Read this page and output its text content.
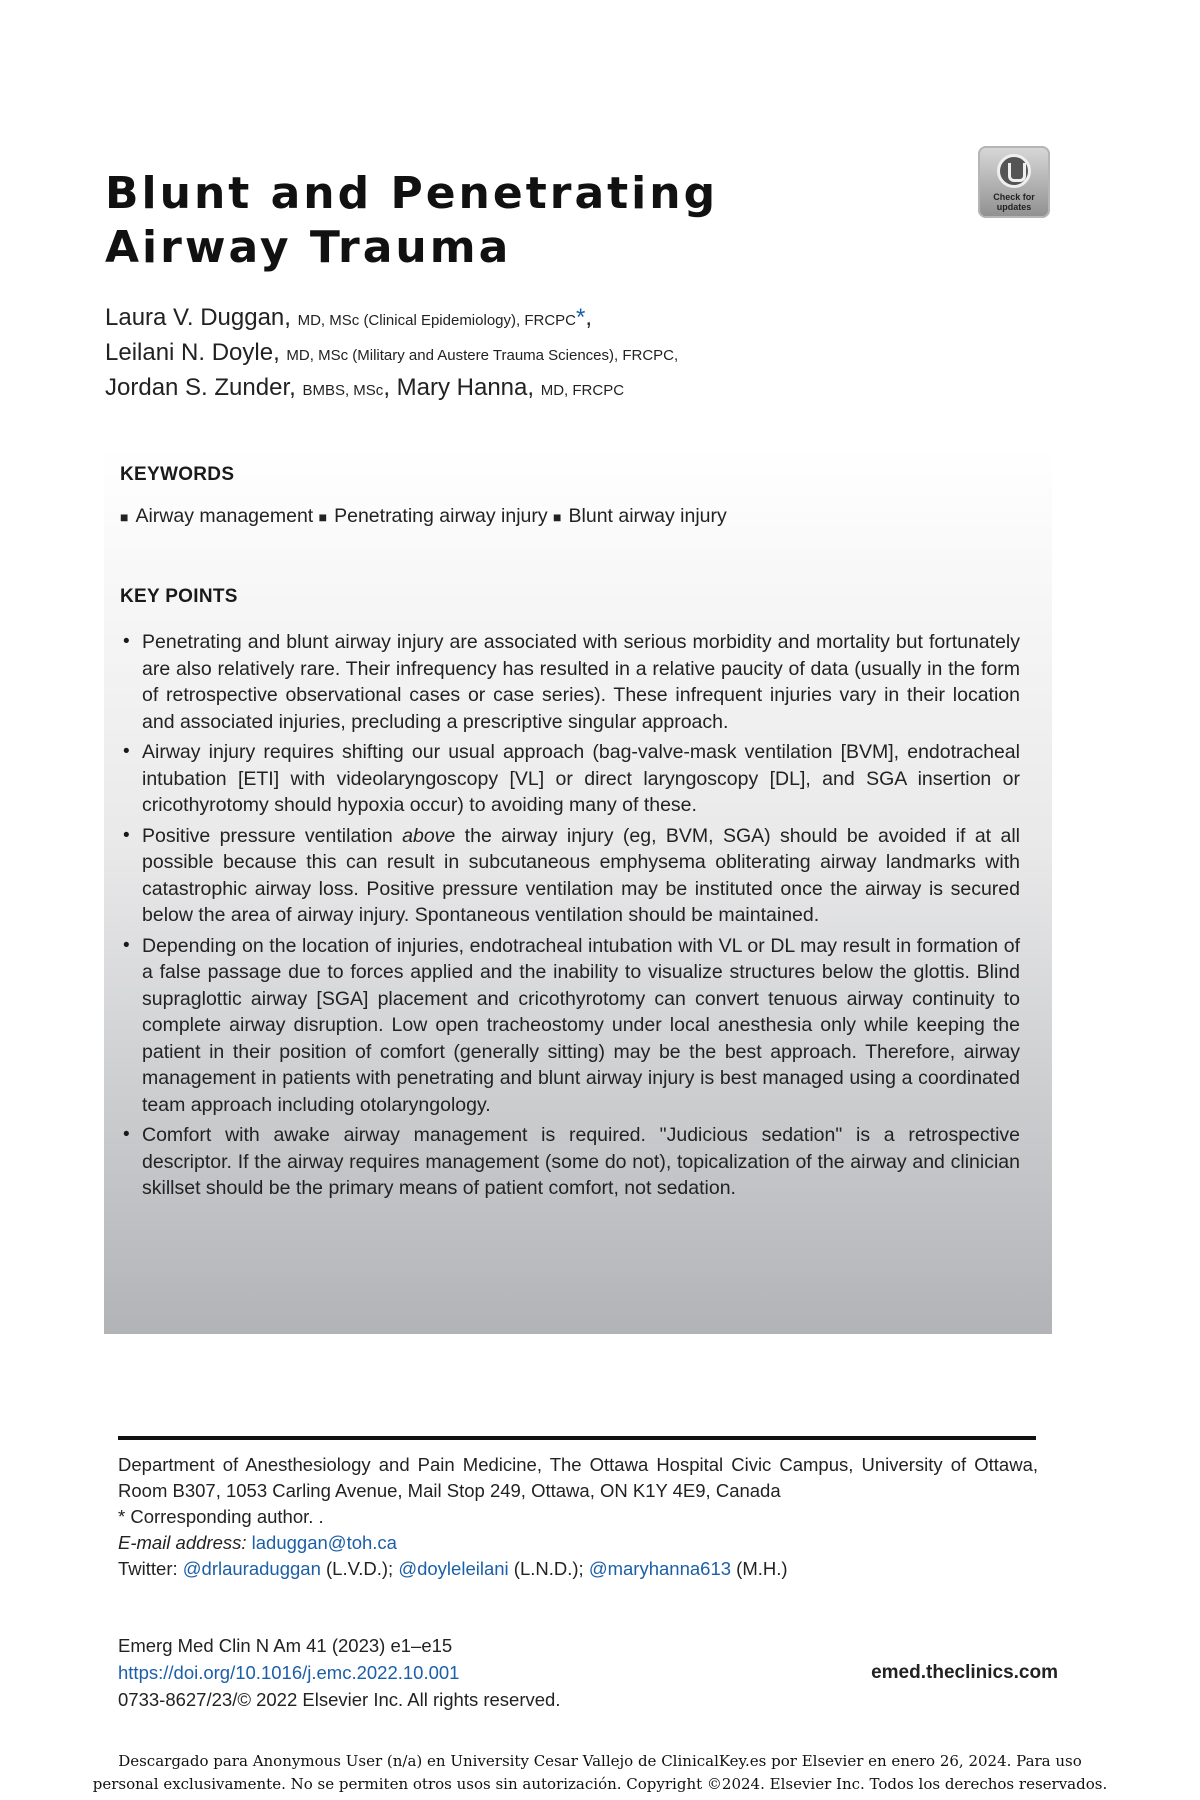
Blunt and Penetrating
Airway Trauma
Check for updates
Laura V. Duggan, MD, MSc (Clinical Epidemiology), FRCPC*,
Leilani N. Doyle, MD, MSc (Military and Austere Trauma Sciences), FRCPC,
Jordan S. Zunder, BMBS, MSc, Mary Hanna, MD, FRCPC
KEYWORDS
■ Airway management ■ Penetrating airway injury ■ Blunt airway injury
KEY POINTS
• Penetrating and blunt airway injury are associated with serious morbidity and mortality but fortunately are also relatively rare. Their infrequency has resulted in a relative paucity of data (usually in the form of retrospective observational cases or case series). These infrequent injuries vary in their location and associated injuries, precluding a prescriptive singular approach.
• Airway injury requires shifting our usual approach (bag-valve-mask ventilation [BVM], endotracheal intubation [ETI] with videolaryngoscopy [VL] or direct laryngoscopy [DL], and SGA insertion or cricothyrotomy should hypoxia occur) to avoiding many of these.
• Positive pressure ventilation above the airway injury (eg, BVM, SGA) should be avoided if at all possible because this can result in subcutaneous emphysema obliterating airway landmarks with catastrophic airway loss. Positive pressure ventilation may be instituted once the airway is secured below the area of airway injury. Spontaneous ventilation should be maintained.
• Depending on the location of injuries, endotracheal intubation with VL or DL may result in formation of a false passage due to forces applied and the inability to visualize structures below the glottis. Blind supraglottic airway [SGA] placement and cricothyrotomy can convert tenuous airway continuity to complete airway disruption. Low open tracheostomy under local anesthesia only while keeping the patient in their position of comfort (generally sitting) may be the best approach. Therefore, airway management in patients with penetrating and blunt airway injury is best managed using a coordinated team approach including otolaryngology.
• Comfort with awake airway management is required. "Judicious sedation" is a retrospective descriptor. If the airway requires management (some do not), topicalization of the airway and clinician skillset should be the primary means of patient comfort, not sedation.

Department of Anesthesiology and Pain Medicine, The Ottawa Hospital Civic Campus, University of Ottawa, Room B307, 1053 Carling Avenue, Mail Stop 249, Ottawa, ON K1Y 4E9, Canada

* Corresponding author. .

E-mail address: laduggan@toh.ca

Twitter: @drlauraduggan (L.V.D.); @doyleleilani (L.N.D.); @maryhanna613 (M.H.)

Emerg Med Clin N Am 41 (2023) e1–e15
https://doi.org/10.1016/j.emc.2022.10.001
0733-8627/23/© 2022 Elsevier Inc. All rights reserved.
emed.theclinics.com
Descargado para Anonymous User (n/a) en University Cesar Vallejo de ClinicalKey.es por Elsevier en enero 26, 2024. Para uso
personal exclusivamente. No se permiten otros usos sin autorización. Copyright ©2024. Elsevier Inc. Todos los derechos reservados.
